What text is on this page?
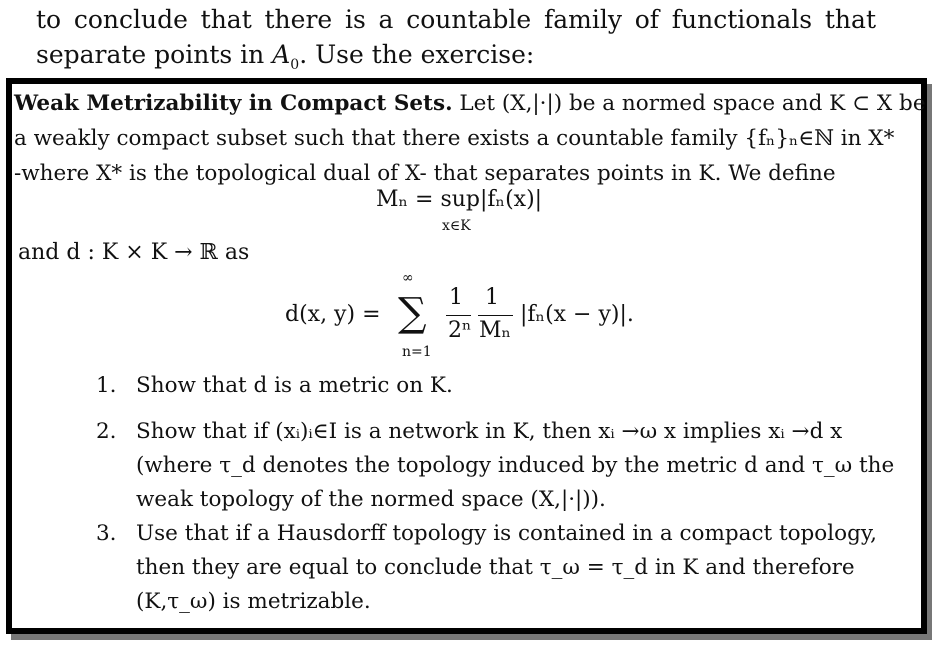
to conclude that there is a countable family of functionals that
separate points in $A_0$. Use the exercise:
Weak Metrizability in Compact Sets. Let (X,|·|) be a normed space and K ⊂ X be
a weakly compact subset such that there exists a countable family {fₙ}ₙ∈ℕ in X*
-where X* is the topological dual of X- that separates points in K. We define
Mₙ = sup|fₙ(x)|
x∈K
and d : K × K → ℝ as
∞
d(x, y) = ∑
n=1
1
2ⁿ
1
Mₙ
|fₙ(x − y)|.
1. Show that d is a metric on K.
2. Show that if (xᵢ)ᵢ∈I is a network in K, then xᵢ →ω x implies xᵢ →d x (where τ_d denotes the topology induced by the metric d and τ_ω the weak topology of the normed space (X,|·|)).
3. Use that if a Hausdorff topology is contained in a compact topology, then they are equal to conclude that τ_ω = τ_d in K and therefore (K,τ_ω) is metrizable.
